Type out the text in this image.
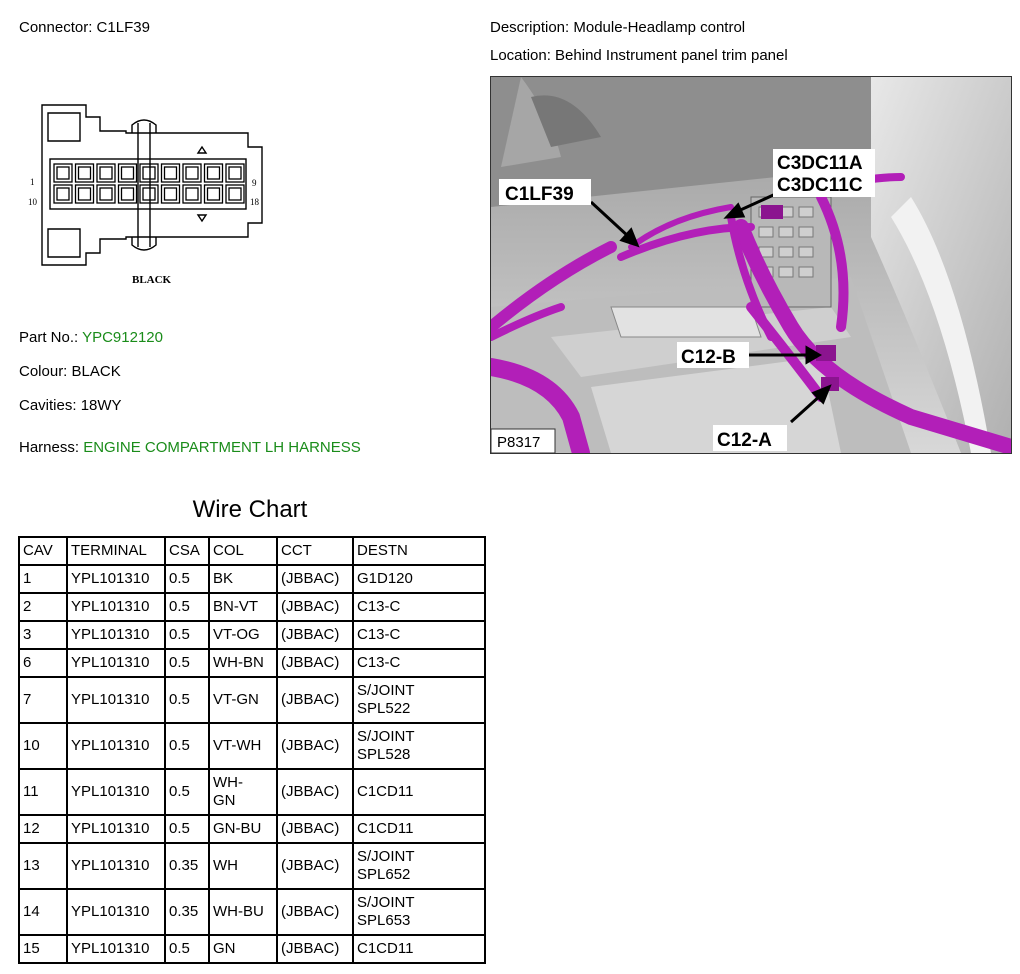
Connector: C1LF39	Description: Module-Headlamp control
Location: Behind Instrument panel trim panel
1
10
9
18
BLACK
Part No.: YPC912120
Colour: BLACK
Cavities: 18WY
Harness: ENGINE COMPARTMENT LH HARNESS
C1LF39
C3DC11A
C3DC11C
C12-B
C12-A
P8317
Wire Chart
CAV	TERMINAL	CSA	COL	CCT	DESTN
1	YPL101310	0.5	BK	(JBBAC)	G1D120
2	YPL101310	0.5	BN-VT	(JBBAC)	C13-C
3	YPL101310	0.5	VT-OG	(JBBAC)	C13-C
6	YPL101310	0.5	WH-BN	(JBBAC)	C13-C
7	YPL101310	0.5	VT-GN	(JBBAC)	S/JOINT
SPL522
10	YPL101310	0.5	VT-WH	(JBBAC)	S/JOINT
SPL528
11	YPL101310	0.5	WH-
GN	(JBBAC)	C1CD11
12	YPL101310	0.5	GN-BU	(JBBAC)	C1CD11
13	YPL101310	0.35	WH	(JBBAC)	S/JOINT
SPL652
14	YPL101310	0.35	WH-BU	(JBBAC)	S/JOINT
SPL653
15	YPL101310	0.5	GN	(JBBAC)	C1CD11
